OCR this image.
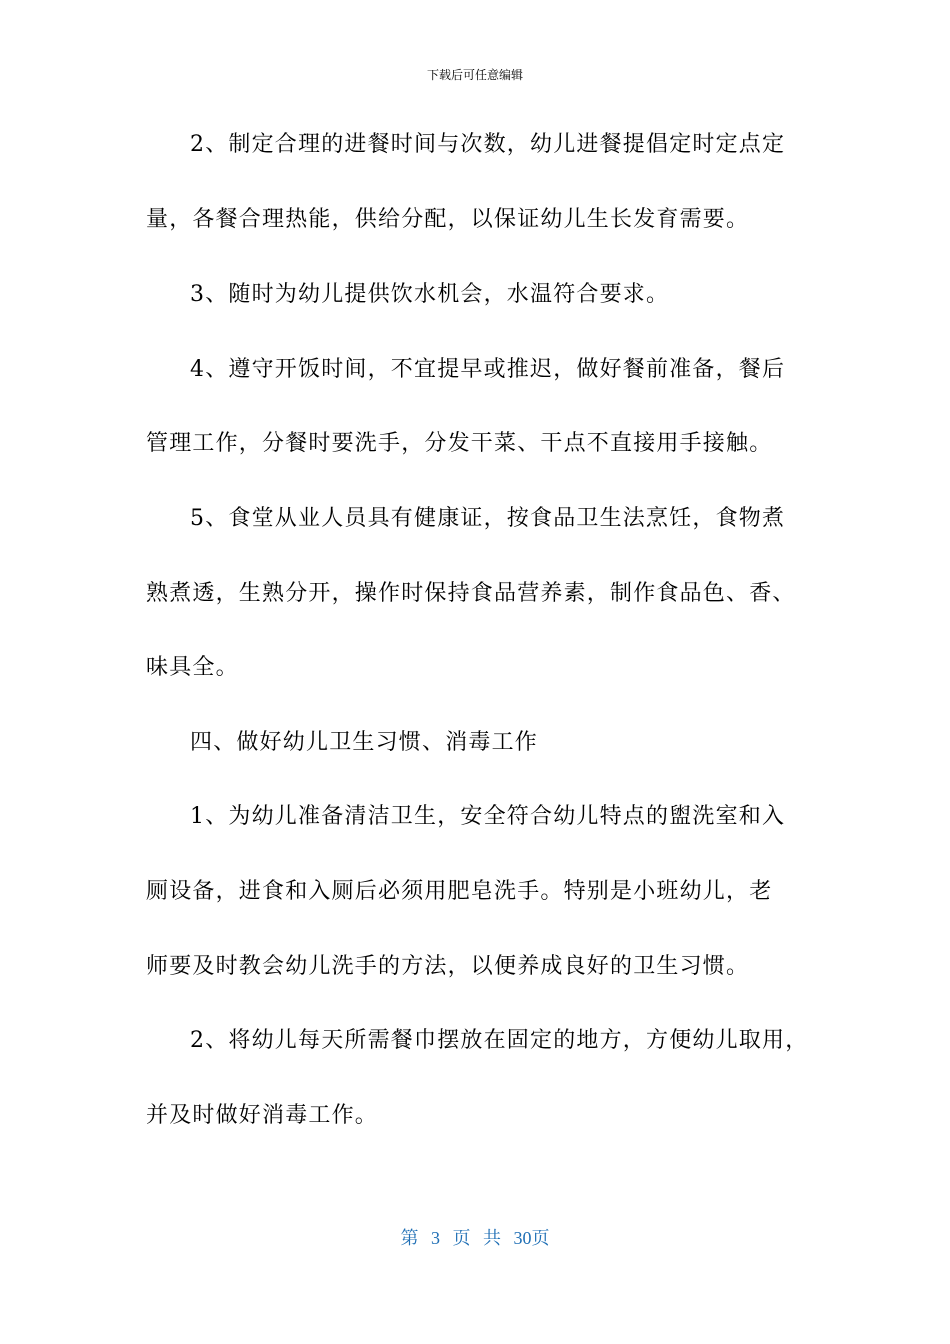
下载后可任意编辑
2、制定合理的进餐时间与次数，幼儿进餐提倡定时定点定
量，各餐合理热能，供给分配，以保证幼儿生长发育需要。
3、随时为幼儿提供饮水机会，水温符合要求。
4、遵守开饭时间，不宜提早或推迟，做好餐前准备，餐后
管理工作，分餐时要洗手，分发干菜、干点不直接用手接触。
5、食堂从业人员具有健康证，按食品卫生法烹饪，食物煮
熟煮透，生熟分开，操作时保持食品营养素，制作食品色、香、
味具全。
四、做好幼儿卫生习惯、消毒工作
1、为幼儿准备清洁卫生，安全符合幼儿特点的盥洗室和入
厕设备，进食和入厕后必须用肥皂洗手。特别是小班幼儿，老
师要及时教会幼儿洗手的方法，以便养成良好的卫生习惯。
2、将幼儿每天所需餐巾摆放在固定的地方，方便幼儿取用，
并及时做好消毒工作。
第 3 页 共 30页
